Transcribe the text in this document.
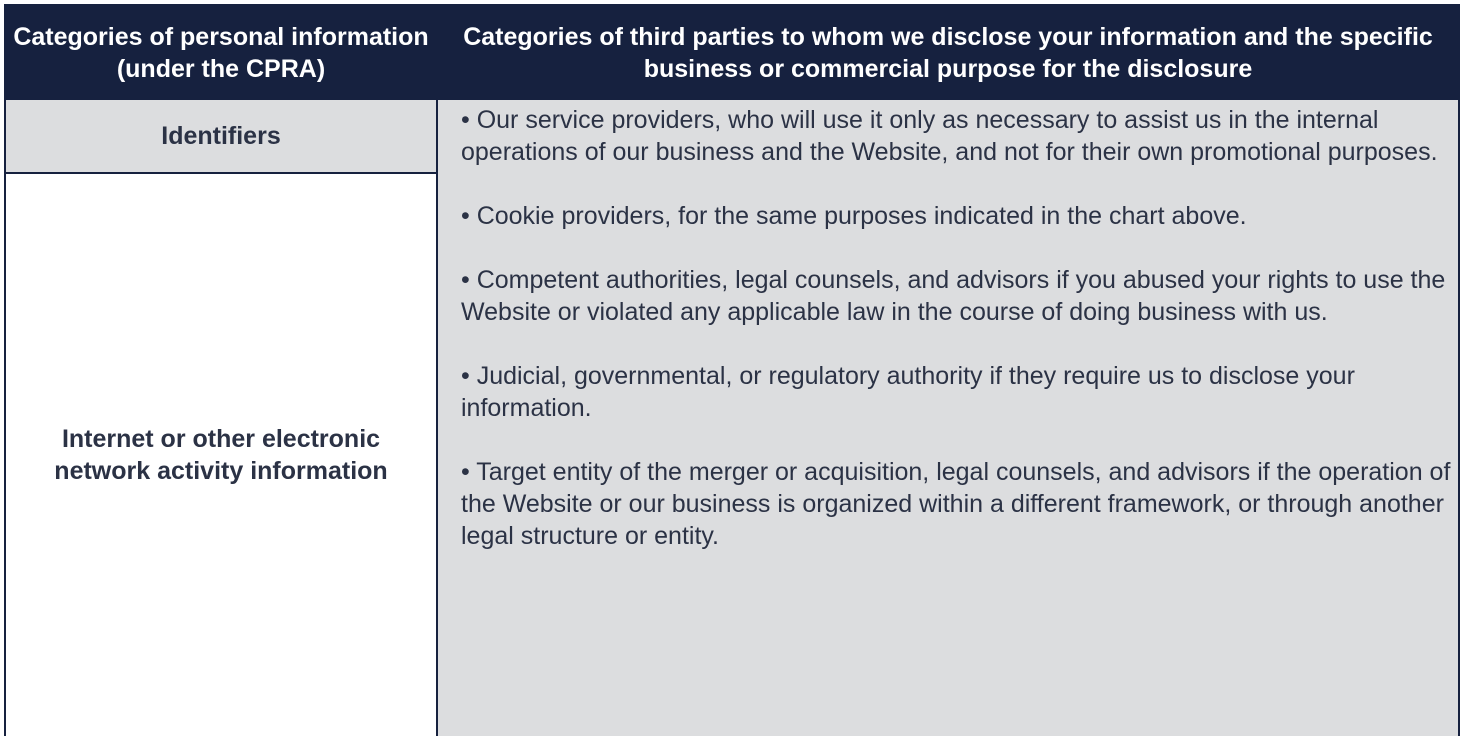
Categories of personal information (under the CPRA)
Categories of third parties to whom we disclose your information and the specific business or commercial purpose for the disclosure
Identifiers
Internet or other electronic network activity information

• Our service providers, who will use it only as necessary to assist us in the internal operations of our business and the Website, and not for their own promotional purposes.

• Cookie providers, for the same purposes indicated in the chart above.

• Competent authorities, legal counsels, and advisors if you abused your rights to use the Website or violated any applicable law in the course of doing business with us.

• Judicial, governmental, or regulatory authority if they require us to disclose your information.

• Target entity of the merger or acquisition, legal counsels, and advisors if the operation of the Website or our business is organized within a different framework, or through another legal structure or entity.
